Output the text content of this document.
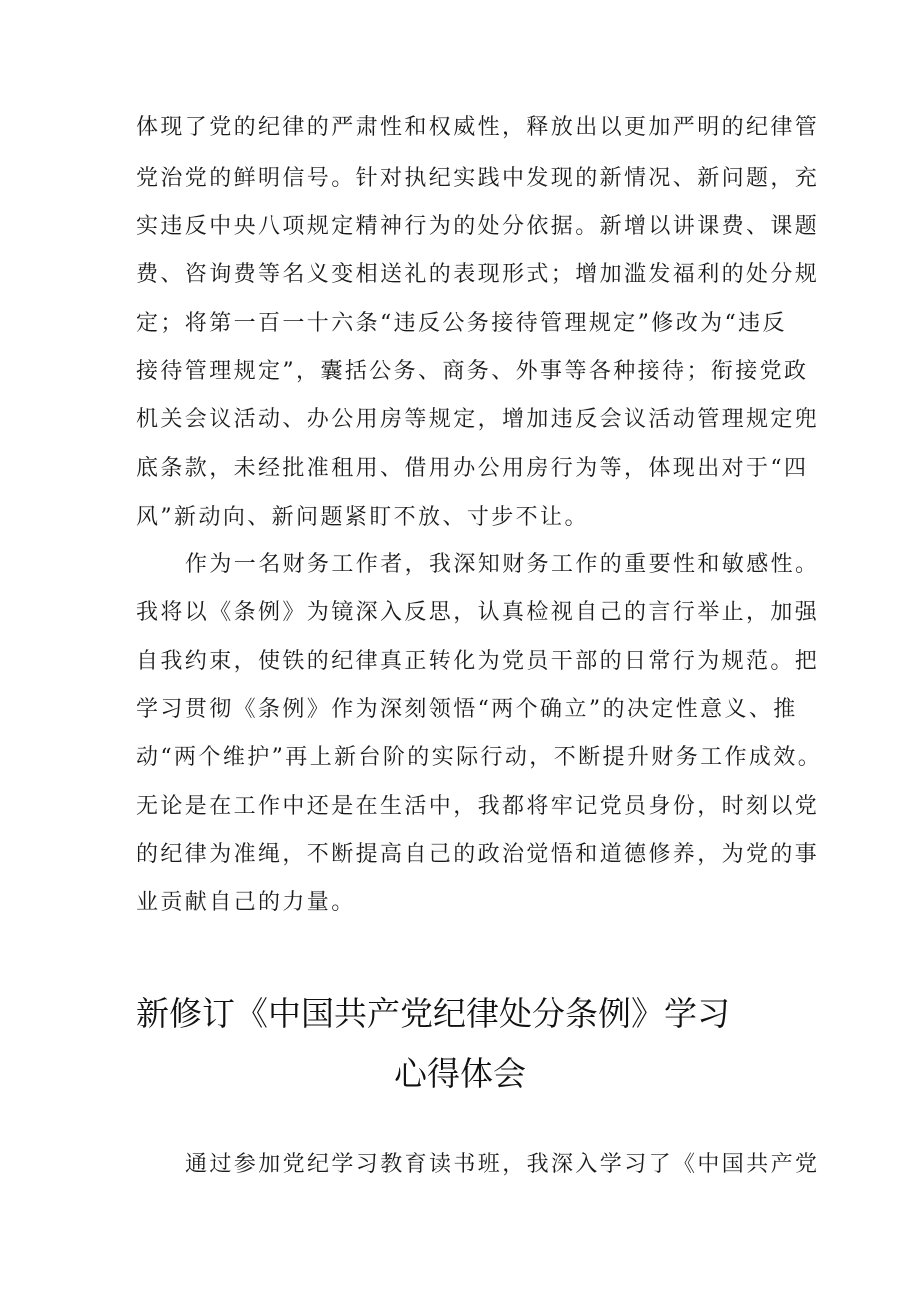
体现了党的纪律的严肃性和权威性，释放出以更加严明的纪律管
党治党的鲜明信号。针对执纪实践中发现的新情况、新问题，充
实违反中央八项规定精神行为的处分依据。新增以讲课费、课题
费、咨询费等名义变相送礼的表现形式；增加滥发福利的处分规
定；将第一百一十六条“违反公务接待管理规定”修改为“违反
接待管理规定”，囊括公务、商务、外事等各种接待；衔接党政
机关会议活动、办公用房等规定，增加违反会议活动管理规定兜
底条款，未经批准租用、借用办公用房行为等，体现出对于“四
风”新动向、新问题紧盯不放、寸步不让。
作为一名财务工作者，我深知财务工作的重要性和敏感性。
我将以《条例》为镜深入反思，认真检视自己的言行举止，加强
自我约束，使铁的纪律真正转化为党员干部的日常行为规范。把
学习贯彻《条例》作为深刻领悟“两个确立”的决定性意义、推
动“两个维护”再上新台阶的实际行动，不断提升财务工作成效。
无论是在工作中还是在生活中，我都将牢记党员身份，时刻以党
的纪律为准绳，不断提高自己的政治觉悟和道德修养，为党的事
业贡献自己的力量。
新修订《中国共产党纪律处分条例》学习
心得体会
通过参加党纪学习教育读书班，我深入学习了《中国共产党
